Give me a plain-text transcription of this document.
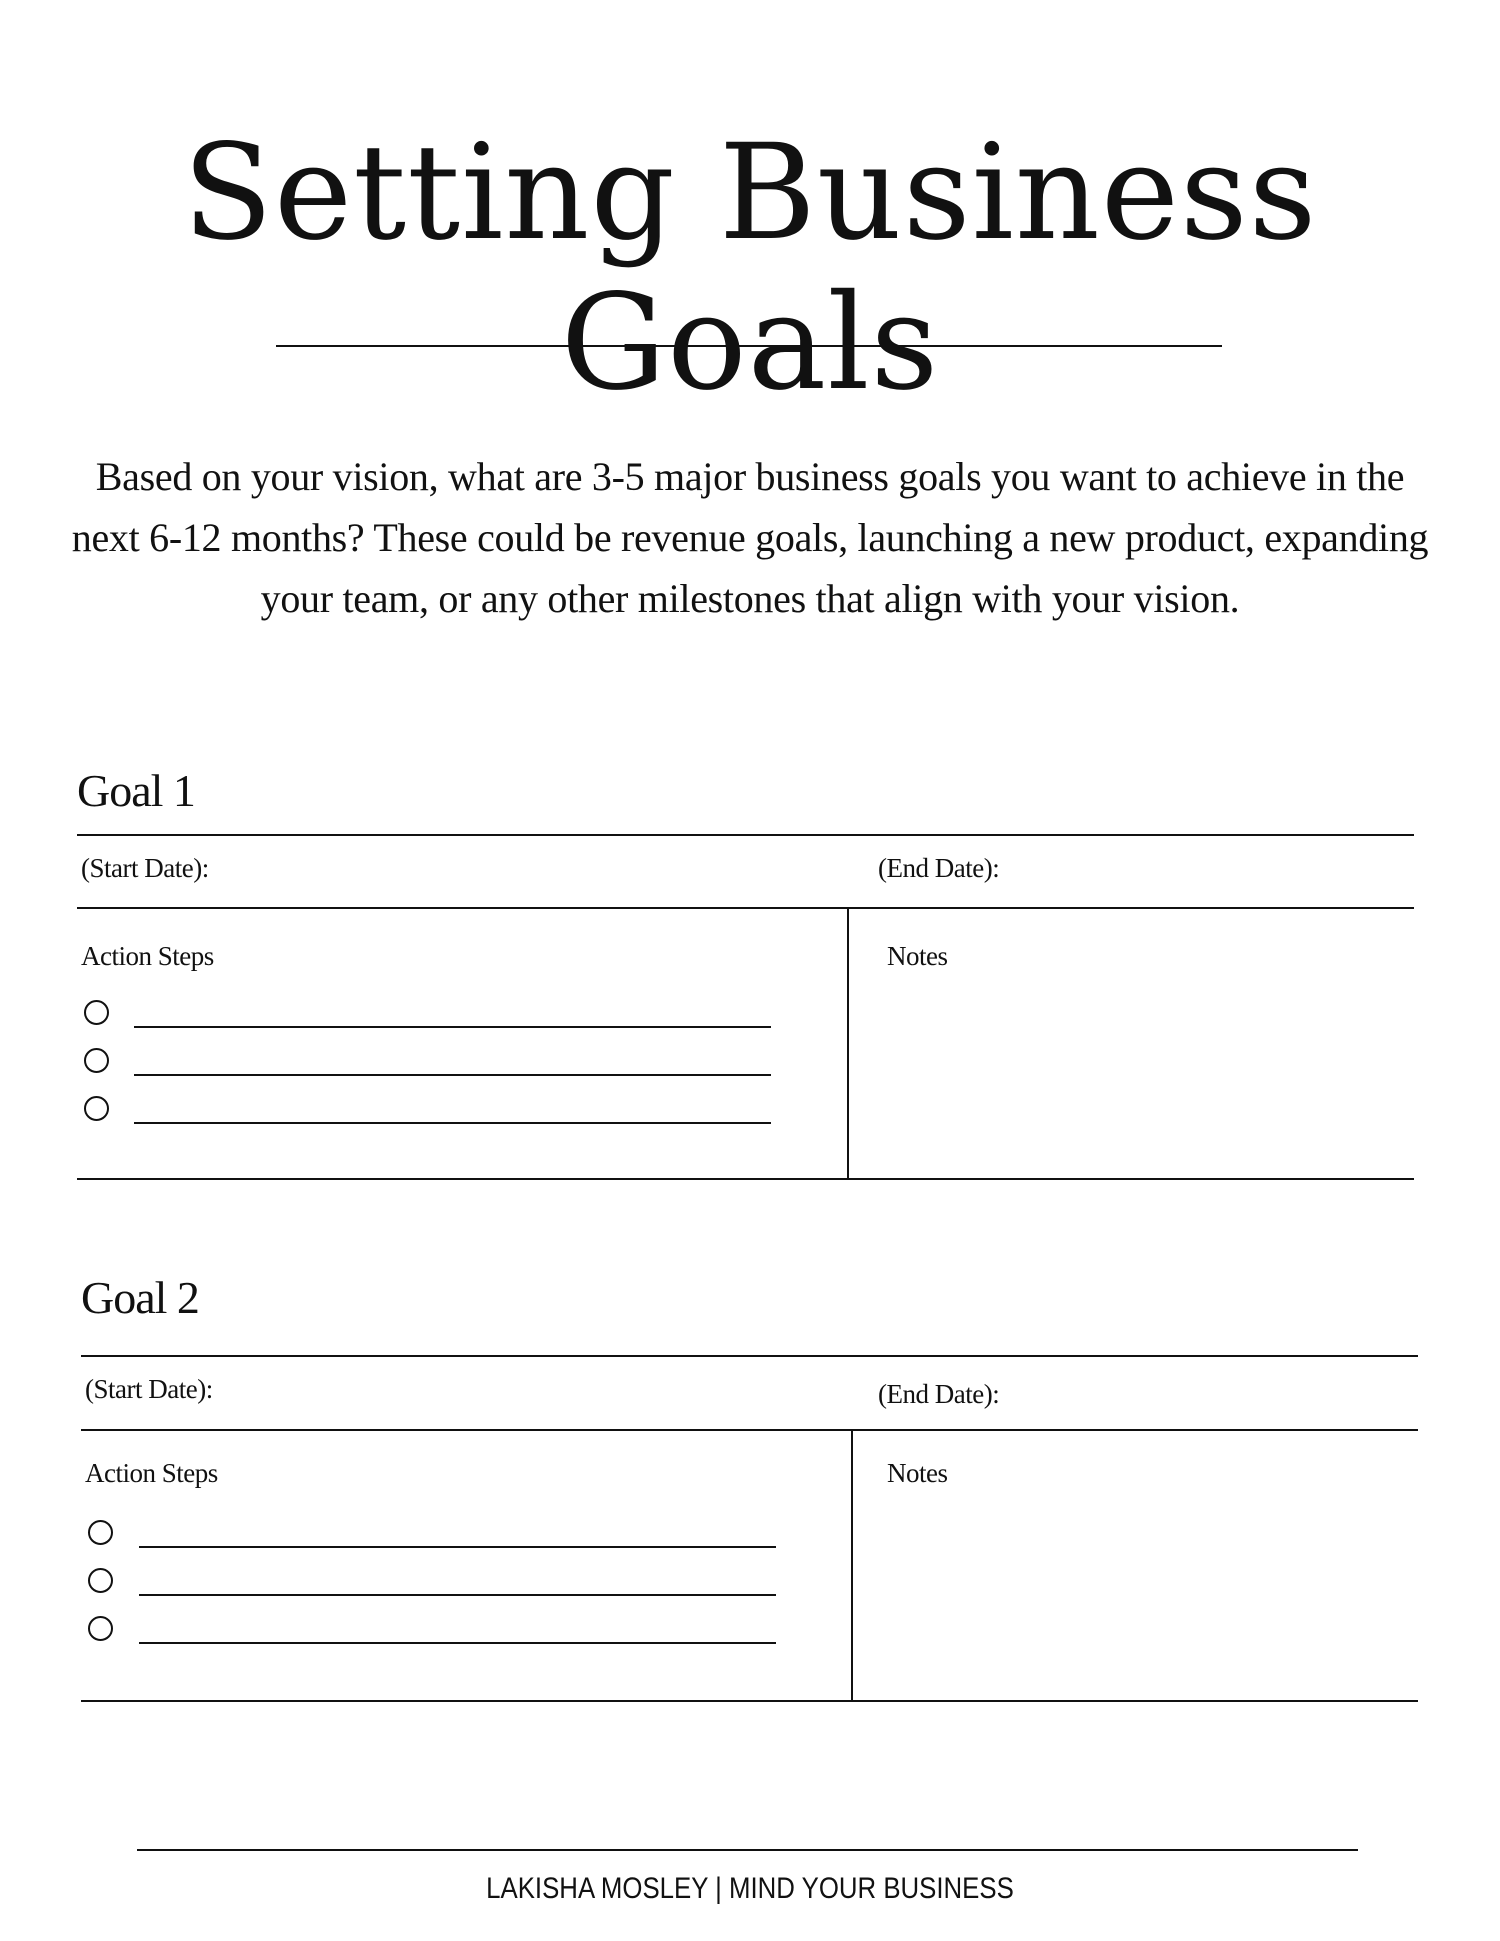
Setting Business Goals
Based on your vision, what are 3-5 major business goals you want to achieve in the next 6-12 months? These could be revenue goals, launching a new product, expanding your team, or any other milestones that align with your vision.
Goal 1
(Start Date):	(End Date):
Action Steps	Notes
Goal 2
(Start Date):	(End Date):
Action Steps	Notes
LAKISHA MOSLEY | MIND YOUR BUSINESS
